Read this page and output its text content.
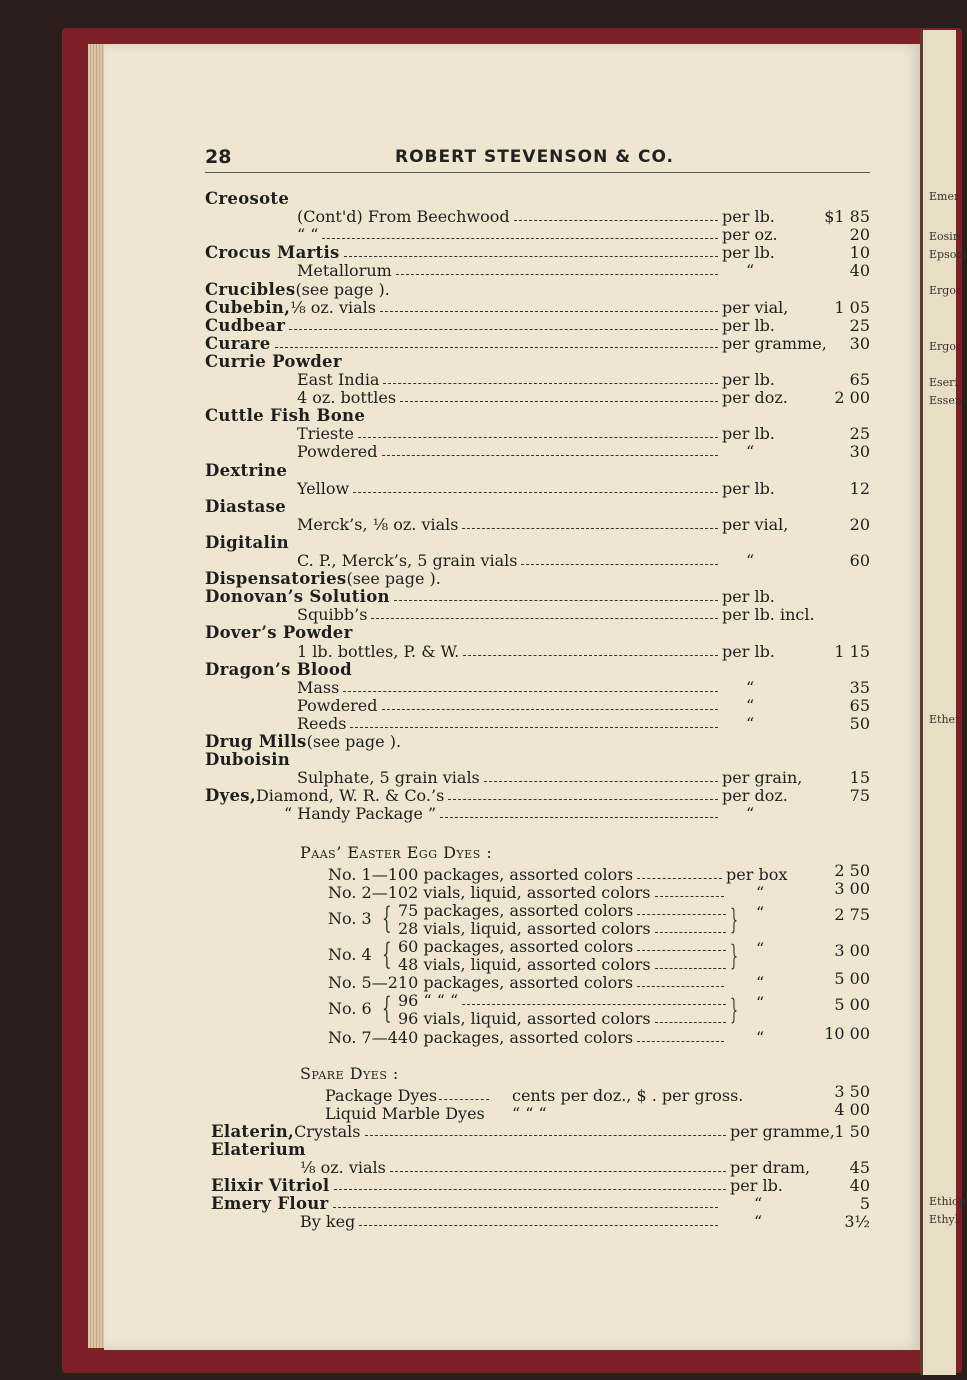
Emer
Eosin
Epsom
Ergot
Ergot
Eseri
Essen
Ether,
Ethiop
Ethyl,
28	ROBERT STEVENSON & CO.
Creosote
(Cont'd) From Beechwood	per lb.	$1 85
“ “	per oz.	20
Crocus Martis	per lb.	10
Metallorum	“	40
Crucibles (see page ).
Cubebin, ⅛ oz. vials	per vial,	1 05
Cudbear	per lb.	25
Curare	per gramme,	30
Currie Powder
East India	per lb.	65
4 oz. bottles	per doz.	2 00
Cuttle Fish Bone
Trieste	per lb.	25
Powdered	“	30
Dextrine
Yellow	per lb.	12
Diastase
Merck’s, ⅛ oz. vials	per vial,	20
Digitalin
C. P., Merck’s, 5 grain vials	“	60
Dispensatories (see page ).
Donovan’s Solution	per lb.
Squibb’s	per lb. incl.
Dover’s Powder
1 lb. bottles, P. & W.	per lb.	1 15
Dragon’s Blood
Mass	“	35
Powdered	“	65
Reeds	“	50
Drug Mills (see page ).
Duboisin
Sulphate, 5 grain vials	per grain,	15
Dyes, Diamond, W. R. & Co.’s	per doz.	75
“ Handy Package ”	“
Paas’ Easter Egg Dyes :
No. 1—100 packages, assorted colors	per box	2 50
No. 2—102 vials, liquid, assorted colors	“	3 00
No. 3 { 75 packages, assorted colors
28 vials, liquid, assorted colors	} “	2 75
No. 4 { 60 packages, assorted colors
48 vials, liquid, assorted colors	} “	3 00
No. 5—210 packages, assorted colors	“	5 00
No. 6 { 96 “ “ “
96 vials, liquid, assorted colors	} “	5 00
No. 7—440 packages, assorted colors	“	10 00
Spare Dyes :
Package Dyes	cents per doz., $ . per gross.	3 50
Liquid Marble Dyes “ “ “	4 00
Elaterin, Crystals	per gramme, 1 50
Elaterium
⅛ oz. vials	per dram,	45
Elixir Vitriol	per lb.	40
Emery Flour	“	5
By keg	“	3½
